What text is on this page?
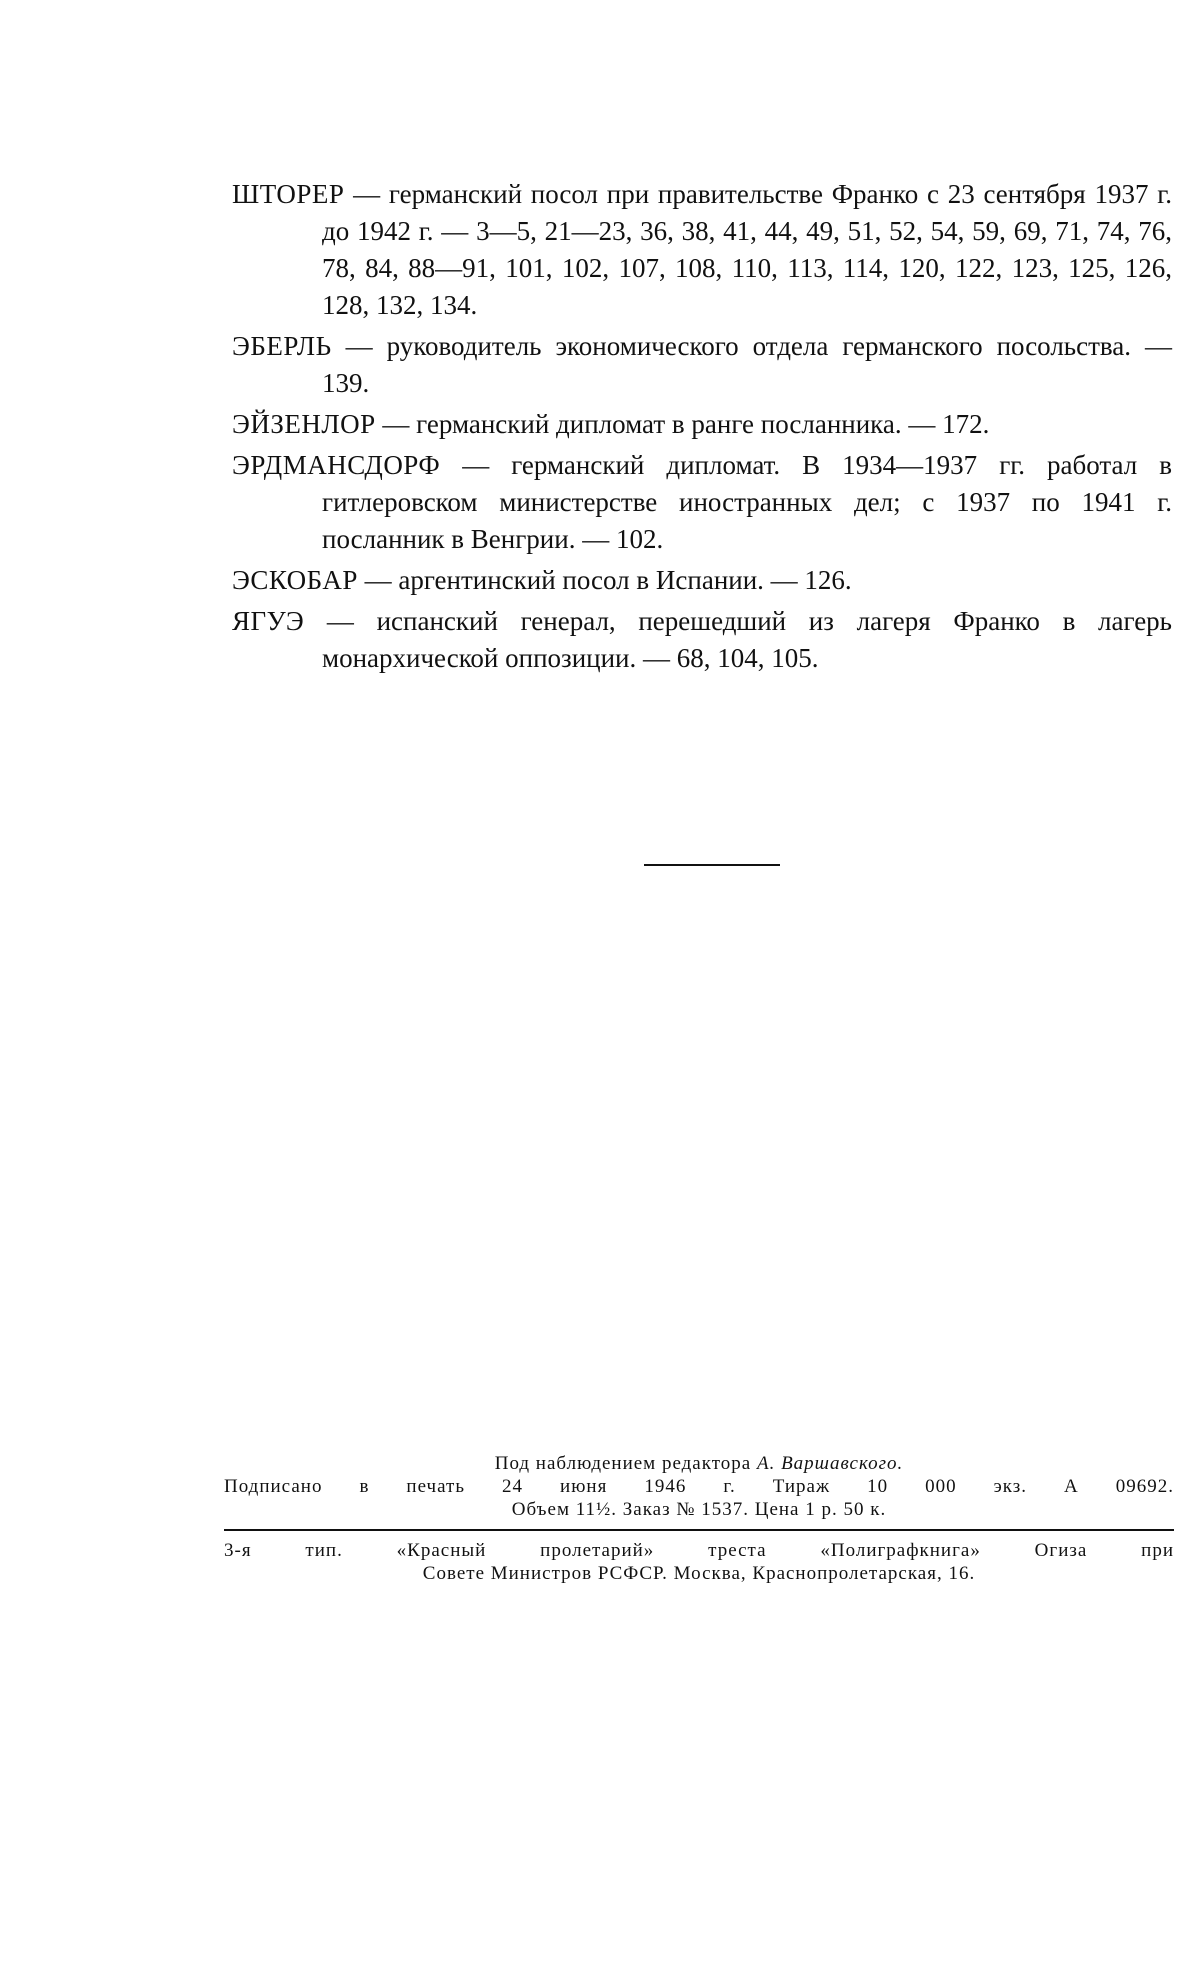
ШТОРЕР — германский посол при правительстве Франко с 23 сентября 1937 г. до 1942 г. — 3—5, 21—23, 36, 38, 41, 44, 49, 51, 52, 54, 59, 69, 71, 74, 76, 78, 84, 88—91, 101, 102, 107, 108, 110, 113, 114, 120, 122, 123, 125, 126, 128, 132, 134.

ЭБЕРЛЬ — руководитель экономического отдела германского посольства. — 139.

ЭЙЗЕНЛОР — германский дипломат в ранге посланника. — 172.

ЭРДМАНСДОРФ — германский дипломат. В 1934—1937 гг. работал в гитлеровском министерстве иностранных дел; с 1937 по 1941 г. посланник в Венгрии. — 102.

ЭСКОБАР — аргентинский посол в Испании. — 126.

ЯГУЭ — испанский генерал, перешедший из лагеря Франко в лагерь монархической оппозиции. — 68, 104, 105.

Под наблюдением редактора А. Варшавского.

Подписано в печать 24 июня 1946 г. Тираж 10 000 экз. А 09692.

Объем 11½. Заказ № 1537. Цена 1 р. 50 к.

3-я тип. «Красный пролетарий» треста «Полиграфкнига» Огиза при

Совете Министров РСФСР. Москва, Краснопролетарская, 16.
